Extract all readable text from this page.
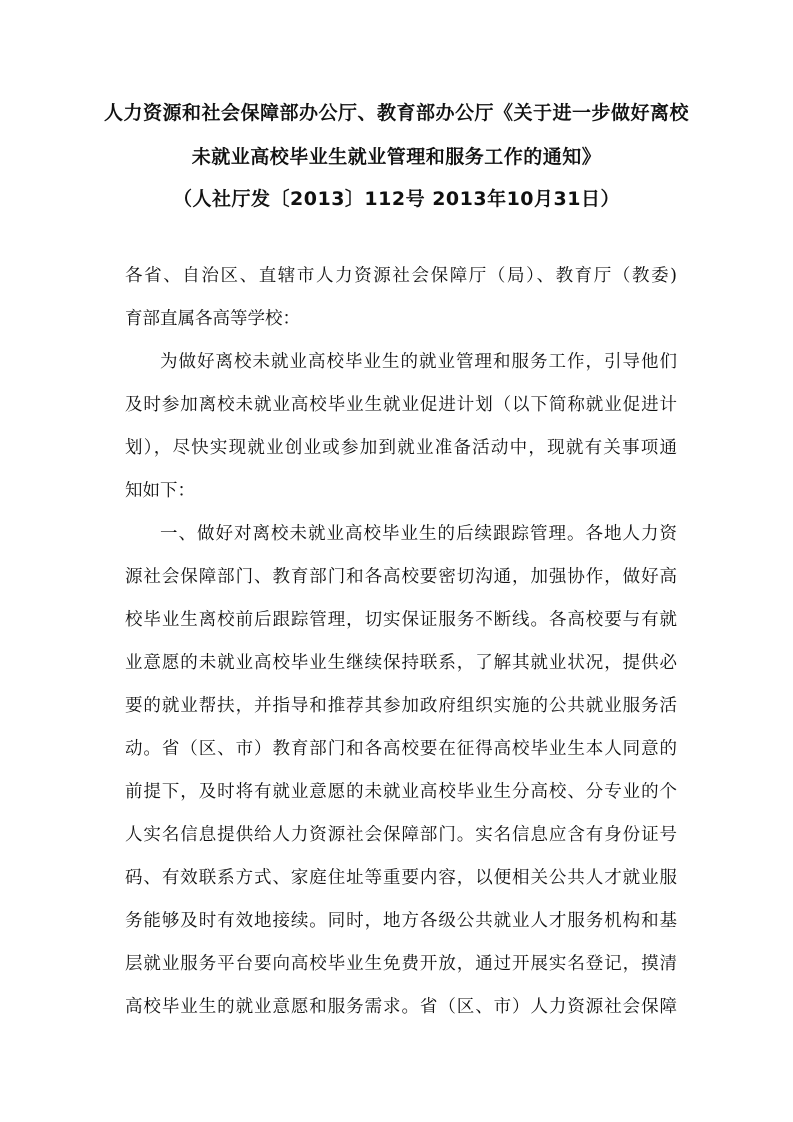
人力资源和社会保障部办公厅、教育部办公厅《关于进一步做好离校
未就业高校毕业生就业管理和服务工作的通知》
（人社厅发〔2013〕112号 2013年10月31日）
各省、自治区、直辖市人力资源社会保障厅（局）、教育厅（教委)
育部直属各高等学校：
为做好离校未就业高校毕业生的就业管理和服务工作，引导他们
及时参加离校未就业高校毕业生就业促进计划（以下简称就业促进计
划），尽快实现就业创业或参加到就业准备活动中，现就有关事项通
知如下：
一、做好对离校未就业高校毕业生的后续跟踪管理。各地人力资
源社会保障部门、教育部门和各高校要密切沟通，加强协作，做好高
校毕业生离校前后跟踪管理，切实保证服务不断线。各高校要与有就
业意愿的未就业高校毕业生继续保持联系，了解其就业状况，提供必
要的就业帮扶，并指导和推荐其参加政府组织实施的公共就业服务活
动。省（区、市）教育部门和各高校要在征得高校毕业生本人同意的
前提下，及时将有就业意愿的未就业高校毕业生分高校、分专业的个
人实名信息提供给人力资源社会保障部门。实名信息应含有身份证号
码、有效联系方式、家庭住址等重要内容，以便相关公共人才就业服
务能够及时有效地接续。同时，地方各级公共就业人才服务机构和基
层就业服务平台要向高校毕业生免费开放，通过开展实名登记，摸清
高校毕业生的就业意愿和服务需求。省（区、市）人力资源社会保障
